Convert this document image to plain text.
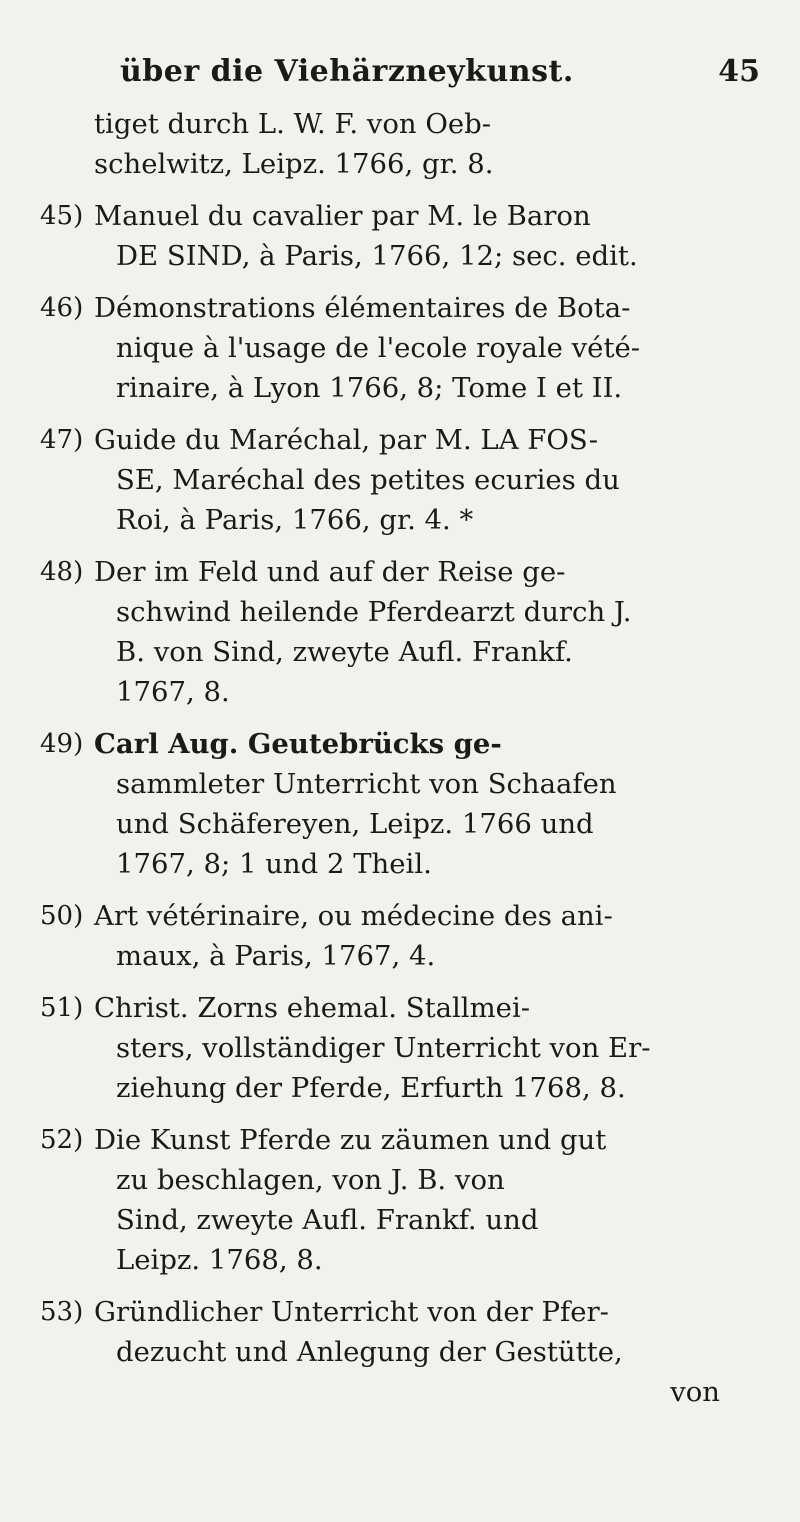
über die Viehärzneykunst.	45
tiget durch L. W. F. von Oeb-
schelwitz, Leipz. 1766, gr. 8.
45) Manuel du cavalier par M. le Baron
DE SIND, à Paris, 1766, 12; sec. edit.
46) Démonstrations élémentaires de Bota-
nique à l'usage de l'ecole royale vété-
rinaire, à Lyon 1766, 8; Tome I et II.
47) Guide du Maréchal, par M. LA FOS-
SE, Maréchal des petites ecuries du
Roi, à Paris, 1766, gr. 4. *
48) Der im Feld und auf der Reise ge-
schwind heilende Pferdearzt durch J.
B. von Sind, zweyte Aufl. Frankf.
1767, 8.
49) Carl Aug. Geutebrücks ge-
sammleter Unterricht von Schaafen
und Schäfereyen, Leipz. 1766 und
1767, 8; 1 und 2 Theil.
50) Art vétérinaire, ou médecine des ani-
maux, à Paris, 1767, 4.
51) Christ. Zorns ehemal. Stallmei-
sters, vollständiger Unterricht von Er-
ziehung der Pferde, Erfurth 1768, 8.
52) Die Kunst Pferde zu zäumen und gut
zu beschlagen, von J. B. von
Sind, zweyte Aufl. Frankf. und
Leipz. 1768, 8.
53) Gründlicher Unterricht von der Pfer-
dezucht und Anlegung der Gestütte,
von
